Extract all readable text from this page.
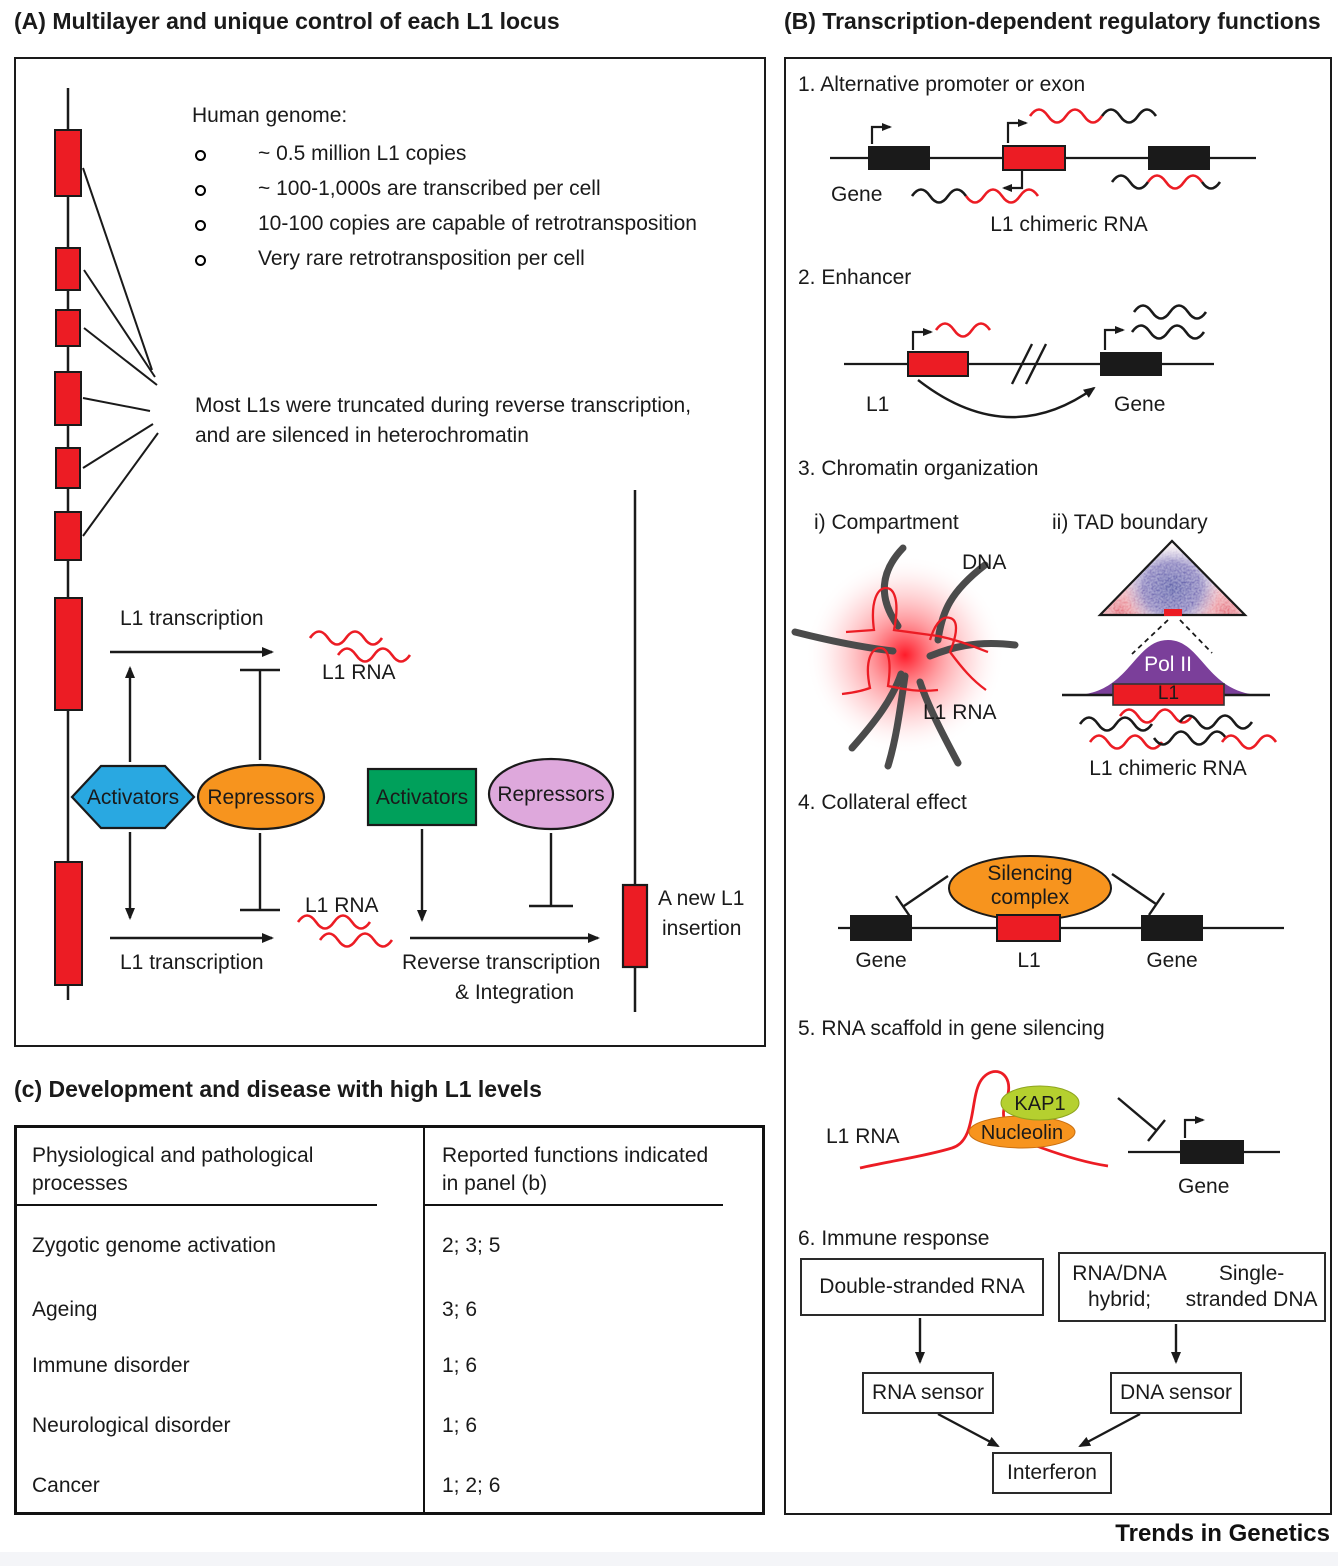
(A) Multilayer and unique control of each L1 locus
Human genome:
~ 0.5 million L1 copies
~ 100-1,000s are transcribed per cell
10-100 copies are capable of retrotransposition
Very rare retrotransposition per cell
Most L1s were truncated during reverse transcription,
and are silenced in heterochromatin
L1 transcription
L1 RNA
Activators	Repressors	Activators	Repressors
L1 RNA
L1 transcription	Reverse transcription
& Integration
A new L1
insertion
(B) Transcription-dependent regulatory functions
1. Alternative promoter or exon
Gene
L1 chimeric RNA
2. Enhancer
L1	Gene
3. Chromatin organization
i) Compartment	ii) TAD boundary
DNA
L1 RNA
Pol II
L1
L1 chimeric RNA
4. Collateral effect
Silencing
complex
Gene	L1	Gene
5. RNA scaffold in gene silencing
L1 RNA
KAP1
Nucleolin
Gene
6. Immune response
Double-stranded RNA
RNA/DNA hybrid;

Single-stranded DNA
RNA sensor	DNA sensor
Interferon
(c) Development and disease with high L1 levels
Physiological and pathological processes
Reported functions indicated in panel (b)
Zygotic genome activation	2; 3; 5
Ageing	3; 6
Immune disorder	1; 6
Neurological disorder	1; 6
Cancer	1; 2; 6
Trends in Genetics
